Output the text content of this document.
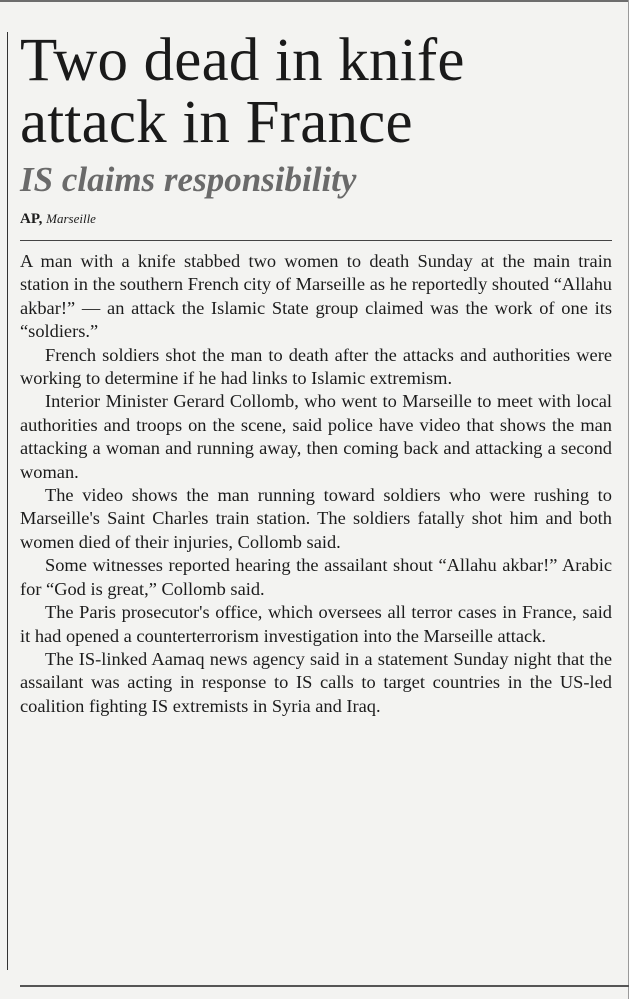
Two dead in knife attack in France
IS claims responsibility
AP, Marseille

A man with a knife stabbed two women to death Sunday at the main train station in the southern French city of Marseille as he reportedly shouted “Allahu akbar!” — an attack the Islamic State group claimed was the work of one its “soldiers.”

French soldiers shot the man to death after the attacks and authorities were working to determine if he had links to Islamic extremism.

Interior Minister Gerard Collomb, who went to Marseille to meet with local authorities and troops on the scene, said police have video that shows the man attacking a woman and running away, then coming back and attacking a second woman.

The video shows the man running toward soldiers who were rushing to Marseille's Saint Charles train station. The soldiers fatally shot him and both women died of their injuries, Collomb said.

Some witnesses reported hearing the assailant shout “Allahu akbar!” Arabic for “God is great,” Collomb said.

The Paris prosecutor's office, which oversees all terror cases in France, said it had opened a counterterrorism investigation into the Marseille attack.

The IS-linked Aamaq news agency said in a statement Sunday night that the assailant was acting in response to IS calls to target countries in the US-led coalition fighting IS extremists in Syria and Iraq.
